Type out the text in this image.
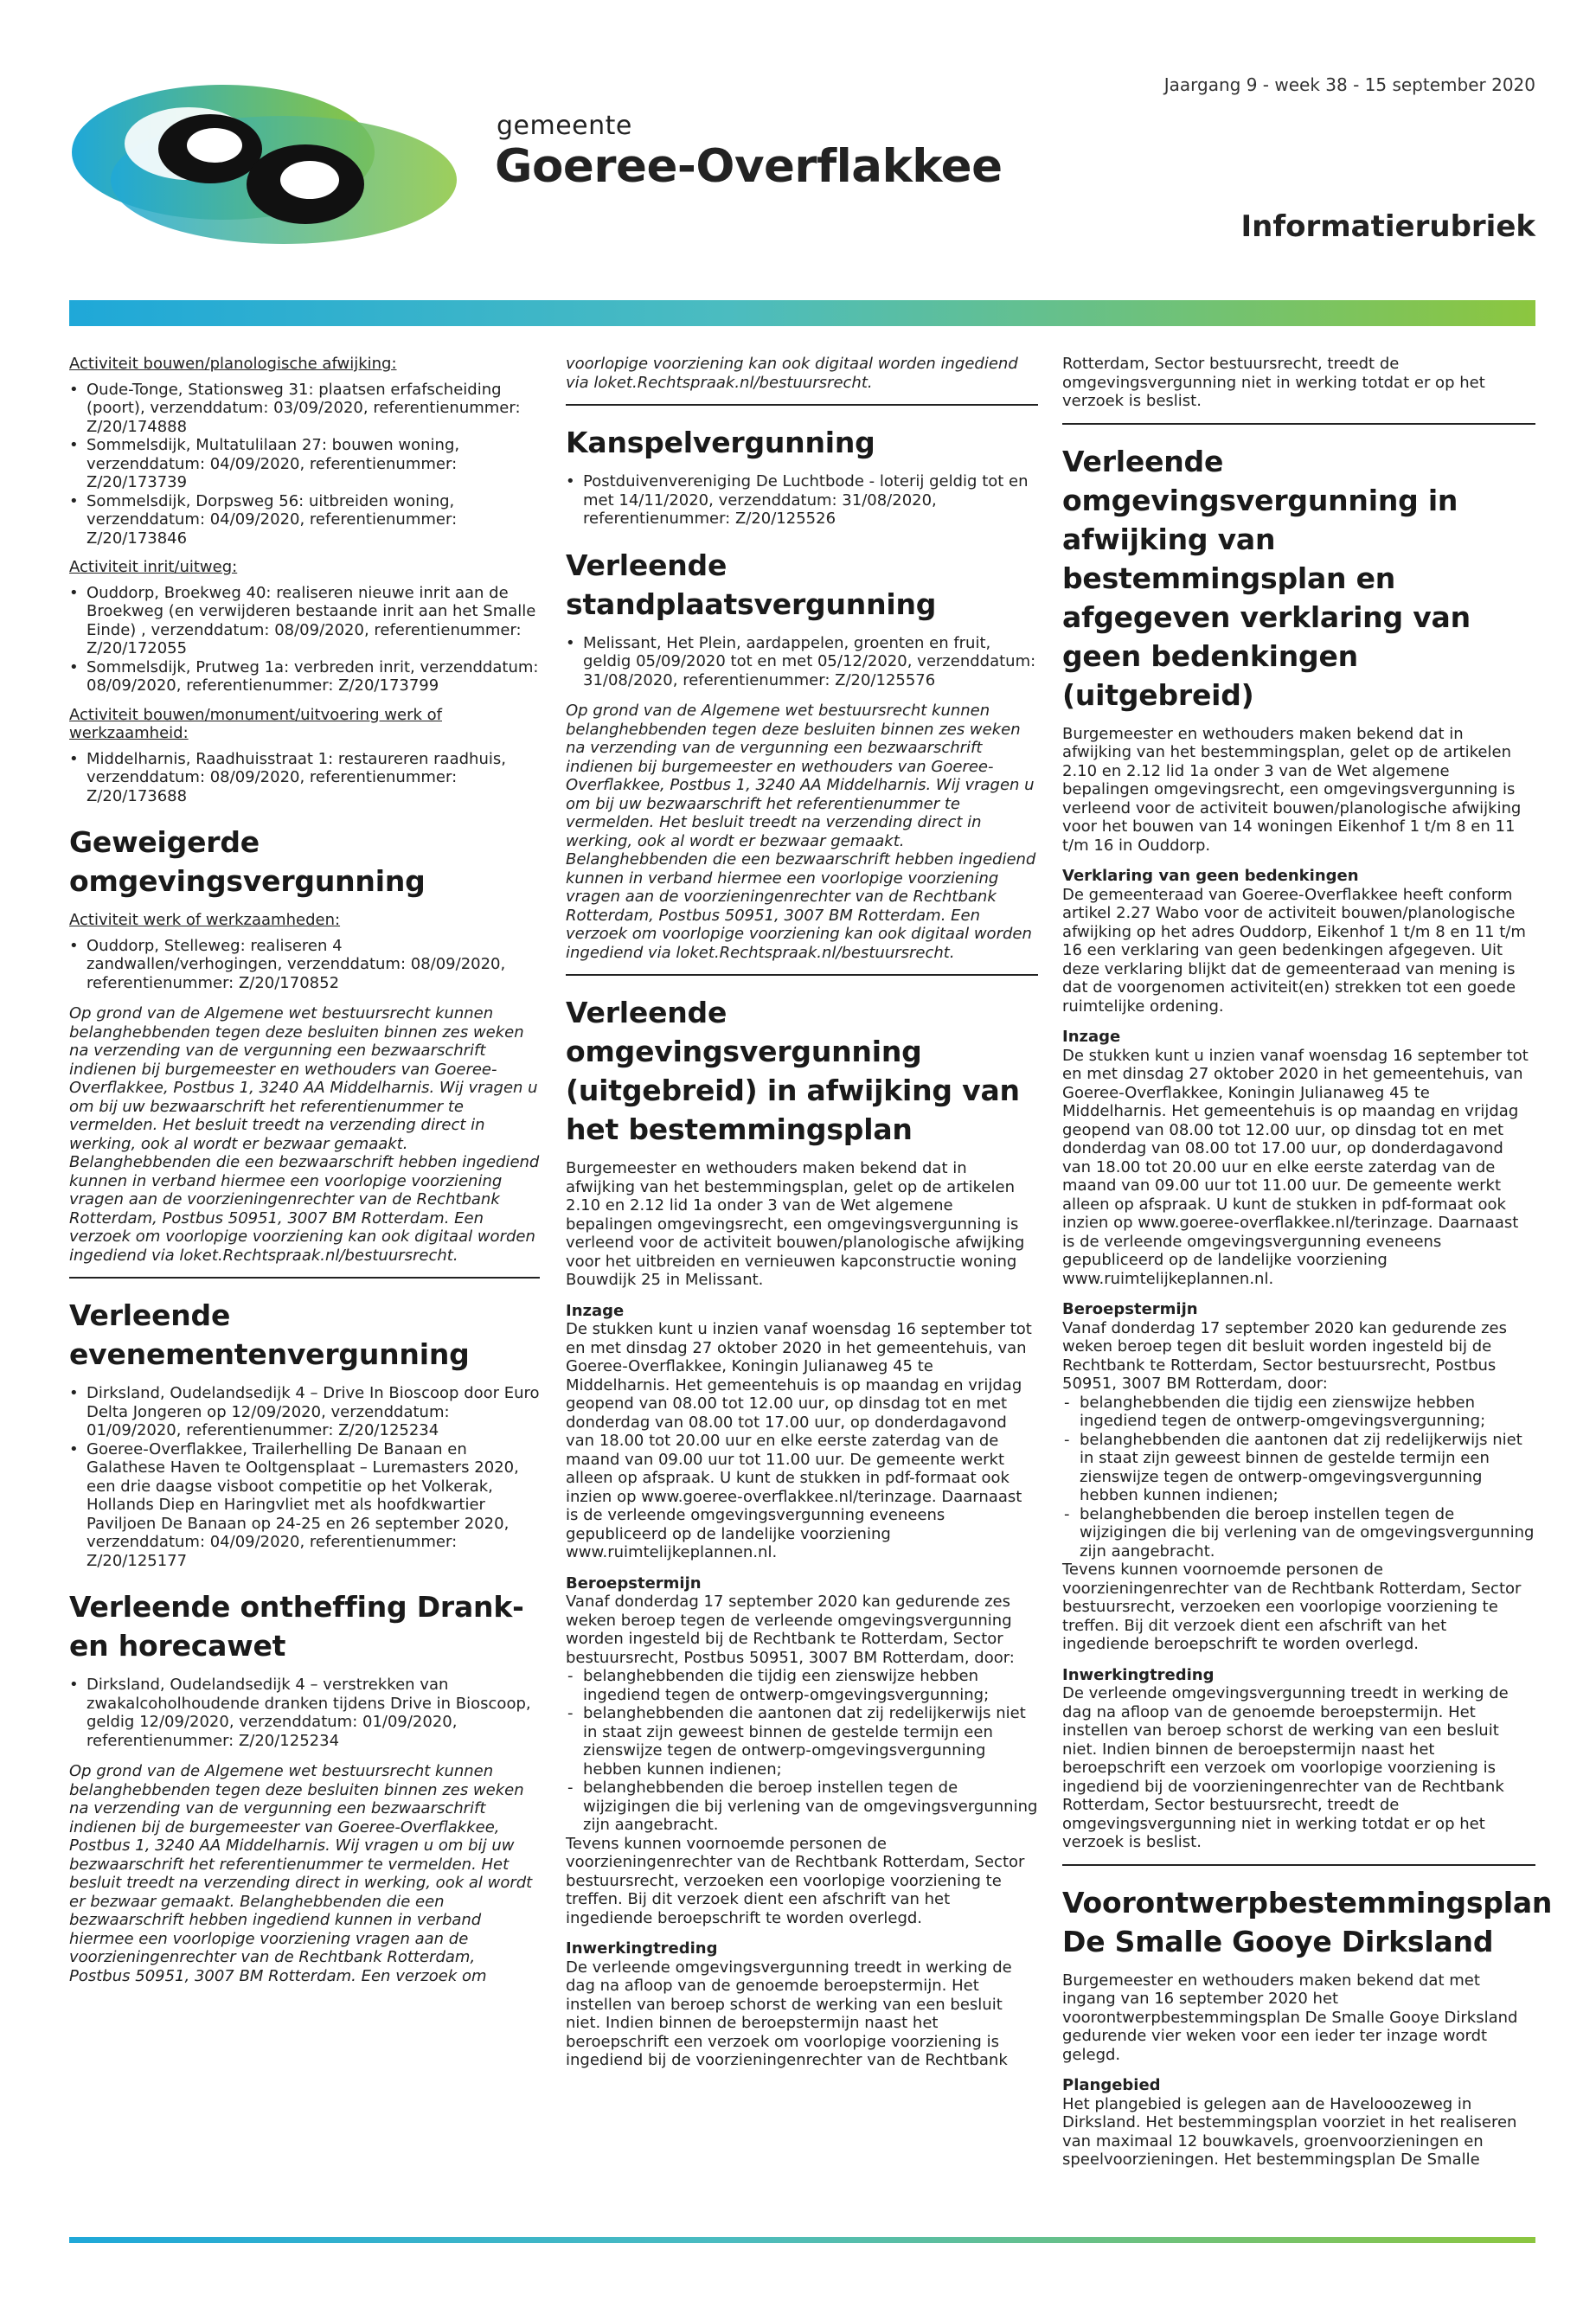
gemeente
Goeree-Overflakkee
Jaargang 9 - week 38 - 15 september 2020
Informatierubriek

Activiteit bouwen/planologische afwijking:

• Oude-Tonge, Stationsweg 31: plaatsen erfafscheiding (poort), verzenddatum: 03/09/2020, referentienummer: Z/20/174888
• Sommelsdijk, Multatulilaan 27: bouwen woning, verzenddatum: 04/09/2020, referentienummer: Z/20/173739
• Sommelsdijk, Dorpsweg 56: uitbreiden woning, verzenddatum: 04/09/2020, referentienummer: Z/20/173846

Activiteit inrit/uitweg:

• Ouddorp, Broekweg 40: realiseren nieuwe inrit aan de Broekweg (en verwijderen bestaande inrit aan het Smalle Einde) , verzenddatum: 08/09/2020, referentienummer: Z/20/172055
• Sommelsdijk, Prutweg 1a: verbreden inrit, verzenddatum: 08/09/2020, referentienummer: Z/20/173799

Activiteit bouwen/monument/uitvoering werk of werkzaamheid:

• Middelharnis, Raadhuisstraat 1: restaureren raadhuis, verzenddatum: 08/09/2020, referentienummer: Z/20/173688
Geweigerde omgevingsvergunning

Activiteit werk of werkzaamheden:

• Ouddorp, Stelleweg: realiseren 4 zandwallen/verhogingen, verzenddatum: 08/09/2020, referentienummer: Z/20/170852

Op grond van de Algemene wet bestuursrecht kunnen belanghebbenden tegen deze besluiten binnen zes weken na verzending van de vergunning een bezwaarschrift indienen bij burgemeester en wethouders van Goeree-Overflakkee, Postbus 1, 3240 AA Middelharnis. Wij vragen u om bij uw bezwaarschrift het referentienummer te vermelden. Het besluit treedt na verzending direct in werking, ook al wordt er bezwaar gemaakt. Belanghebbenden die een bezwaarschrift hebben ingediend kunnen in verband hiermee een voorlopige voorziening vragen aan de voorzieningenrechter van de Rechtbank Rotterdam, Postbus 50951, 3007 BM Rotterdam. Een verzoek om voorlopige voorziening kan ook digitaal worden ingediend via loket.Rechtspraak.nl/bestuursrecht.

Verleende evenementenvergunning
• Dirksland, Oudelandsedijk 4 – Drive In Bioscoop door Euro Delta Jongeren op 12/09/2020, verzenddatum: 01/09/2020, referentienummer: Z/20/125234
• Goeree-Overflakkee, Trailerhelling De Banaan en Galathese Haven te Ooltgensplaat – Luremasters 2020, een drie daagse visboot competitie op het Volkerak, Hollands Diep en Haringvliet met als hoofdkwartier Paviljoen De Banaan op 24-25 en 26 september 2020, verzenddatum: 04/09/2020, referentienummer: Z/20/125177
Verleende ontheffing Drank- en horecawet
• Dirksland, Oudelandsedijk 4 – verstrekken van zwakalcoholhoudende dranken tijdens Drive in Bioscoop, geldig 12/09/2020, verzenddatum: 01/09/2020, referentienummer: Z/20/125234

Op grond van de Algemene wet bestuursrecht kunnen belanghebbenden tegen deze besluiten binnen zes weken na verzending van de vergunning een bezwaarschrift indienen bij de burgemeester van Goeree-Overflakkee, Postbus 1, 3240 AA Middelharnis. Wij vragen u om bij uw bezwaarschrift het referentienummer te vermelden. Het besluit treedt na verzending direct in werking, ook al wordt er bezwaar gemaakt. Belanghebbenden die een bezwaarschrift hebben ingediend kunnen in verband hiermee een voorlopige voorziening vragen aan de voorzieningenrechter van de Rechtbank Rotterdam, Postbus 50951, 3007 BM Rotterdam. Een verzoek om

voorlopige voorziening kan ook digitaal worden ingediend via loket.Rechtspraak.nl/bestuursrecht.

Kanspelvergunning
• Postduivenvereniging De Luchtbode - loterij geldig tot en met 14/11/2020, verzenddatum: 31/08/2020, referentienummer: Z/20/125526
Verleende standplaatsvergunning
• Melissant, Het Plein, aardappelen, groenten en fruit, geldig 05/09/2020 tot en met 05/12/2020, verzenddatum: 31/08/2020, referentienummer: Z/20/125576

Op grond van de Algemene wet bestuursrecht kunnen belanghebbenden tegen deze besluiten binnen zes weken na verzending van de vergunning een bezwaarschrift indienen bij burgemeester en wethouders van Goeree-Overflakkee, Postbus 1, 3240 AA Middelharnis. Wij vragen u om bij uw bezwaarschrift het referentienummer te vermelden. Het besluit treedt na verzending direct in werking, ook al wordt er bezwaar gemaakt. Belanghebbenden die een bezwaarschrift hebben ingediend kunnen in verband hiermee een voorlopige voorziening vragen aan de voorzieningenrechter van de Rechtbank Rotterdam, Postbus 50951, 3007 BM Rotterdam. Een verzoek om voorlopige voorziening kan ook digitaal worden ingediend via loket.Rechtspraak.nl/bestuursrecht.

Verleende omgevingsvergunning (uitgebreid) in afwijking van het bestemmingsplan

Burgemeester en wethouders maken bekend dat in afwijking van het bestemmingsplan, gelet op de artikelen 2.10 en 2.12 lid 1a onder 3 van de Wet algemene bepalingen omgevingsrecht, een omgevingsvergunning is verleend voor de activiteit bouwen/planologische afwijking voor het uitbreiden en vernieuwen kapconstructie woning Bouwdijk 25 in Melissant.

Inzage

De stukken kunt u inzien vanaf woensdag 16 september tot en met dinsdag 27 oktober 2020 in het gemeentehuis, van Goeree-Overflakkee, Koningin Julianaweg 45 te Middelharnis. Het gemeentehuis is op maandag en vrijdag geopend van 08.00 tot 12.00 uur, op dinsdag tot en met donderdag van 08.00 tot 17.00 uur, op donderdagavond van 18.00 tot 20.00 uur en elke eerste zaterdag van de maand van 09.00 uur tot 11.00 uur. De gemeente werkt alleen op afspraak. U kunt de stukken in pdf-formaat ook inzien op www.goeree-overflakkee.nl/terinzage. Daarnaast is de verleende omgevingsvergunning eveneens gepubliceerd op de landelijke voorziening www.ruimtelijkeplannen.nl.

Beroepstermijn

Vanaf donderdag 17 september 2020 kan gedurende zes weken beroep tegen de verleende omgevingsvergunning worden ingesteld bij de Rechtbank te Rotterdam, Sector bestuursrecht, Postbus 50951, 3007 BM Rotterdam, door:

- belanghebbenden die tijdig een zienswijze hebben ingediend tegen de ontwerp-omgevingsvergunning;
- belanghebbenden die aantonen dat zij redelijkerwijs niet in staat zijn geweest binnen de gestelde termijn een zienswijze tegen de ontwerp-omgevingsvergunning hebben kunnen indienen;
- belanghebbenden die beroep instellen tegen de wijzigingen die bij verlening van de omgevingsvergunning zijn aangebracht.

Tevens kunnen voornoemde personen de voorzieningenrechter van de Rechtbank Rotterdam, Sector bestuursrecht, verzoeken een voorlopige voorziening te treffen. Bij dit verzoek dient een afschrift van het ingediende beroepschrift te worden overlegd.

Inwerkingtreding

De verleende omgevingsvergunning treedt in werking de dag na afloop van de genoemde beroepstermijn. Het instellen van beroep schorst de werking van een besluit niet. Indien binnen de beroepstermijn naast het beroepschrift een verzoek om voorlopige voorziening is ingediend bij de voorzieningenrechter van de Rechtbank

Rotterdam, Sector bestuursrecht, treedt de omgevingsvergunning niet in werking totdat er op het verzoek is beslist.

Verleende omgevingsvergunning in afwijking van bestemmingsplan en afgegeven verklaring van geen bedenkingen (uitgebreid)

Burgemeester en wethouders maken bekend dat in afwijking van het bestemmingsplan, gelet op de artikelen 2.10 en 2.12 lid 1a onder 3 van de Wet algemene bepalingen omgevingsrecht, een omgevingsvergunning is verleend voor de activiteit bouwen/planologische afwijking voor het bouwen van 14 woningen Eikenhof 1 t/m 8 en 11 t/m 16 in Ouddorp.

Verklaring van geen bedenkingen

De gemeenteraad van Goeree-Overflakkee heeft conform artikel 2.27 Wabo voor de activiteit bouwen/planologische afwijking op het adres Ouddorp, Eikenhof 1 t/m 8 en 11 t/m 16 een verklaring van geen bedenkingen afgegeven. Uit deze verklaring blijkt dat de gemeenteraad van mening is dat de voorgenomen activiteit(en) strekken tot een goede ruimtelijke ordening.

Inzage

De stukken kunt u inzien vanaf woensdag 16 september tot en met dinsdag 27 oktober 2020 in het gemeentehuis, van Goeree-Overflakkee, Koningin Julianaweg 45 te Middelharnis. Het gemeentehuis is op maandag en vrijdag geopend van 08.00 tot 12.00 uur, op dinsdag tot en met donderdag van 08.00 tot 17.00 uur, op donderdagavond van 18.00 tot 20.00 uur en elke eerste zaterdag van de maand van 09.00 uur tot 11.00 uur. De gemeente werkt alleen op afspraak. U kunt de stukken in pdf-formaat ook inzien op www.goeree-overflakkee.nl/terinzage. Daarnaast is de verleende omgevingsvergunning eveneens gepubliceerd op de landelijke voorziening www.ruimtelijkeplannen.nl.

Beroepstermijn

Vanaf donderdag 17 september 2020 kan gedurende zes weken beroep tegen dit besluit worden ingesteld bij de Rechtbank te Rotterdam, Sector bestuursrecht, Postbus 50951, 3007 BM Rotterdam, door:

- belanghebbenden die tijdig een zienswijze hebben ingediend tegen de ontwerp-omgevingsvergunning;
- belanghebbenden die aantonen dat zij redelijkerwijs niet in staat zijn geweest binnen de gestelde termijn een zienswijze tegen de ontwerp-omgevingsvergunning hebben kunnen indienen;
- belanghebbenden die beroep instellen tegen de wijzigingen die bij verlening van de omgevingsvergunning zijn aangebracht.

Tevens kunnen voornoemde personen de voorzieningenrechter van de Rechtbank Rotterdam, Sector bestuursrecht, verzoeken een voorlopige voorziening te treffen. Bij dit verzoek dient een afschrift van het ingediende beroepschrift te worden overlegd.

Inwerkingtreding

De verleende omgevingsvergunning treedt in werking de dag na afloop van de genoemde beroepstermijn. Het instellen van beroep schorst de werking van een besluit niet. Indien binnen de beroepstermijn naast het beroepschrift een verzoek om voorlopige voorziening is ingediend bij de voorzieningenrechter van de Rechtbank Rotterdam, Sector bestuursrecht, treedt de omgevingsvergunning niet in werking totdat er op het verzoek is beslist.

Voorontwerpbestemmingsplan De Smalle Gooye Dirksland

Burgemeester en wethouders maken bekend dat met ingang van 16 september 2020 het voorontwerpbestemmingsplan De Smalle Gooye Dirksland gedurende vier weken voor een ieder ter inzage wordt gelegd.

Plangebied

Het plangebied is gelegen aan de Havelooozeweg in Dirksland. Het bestemmingsplan voorziet in het realiseren van maximaal 12 bouwkavels, groenvoorzieningen en speelvoorzieningen. Het bestemmingsplan De Smalle
